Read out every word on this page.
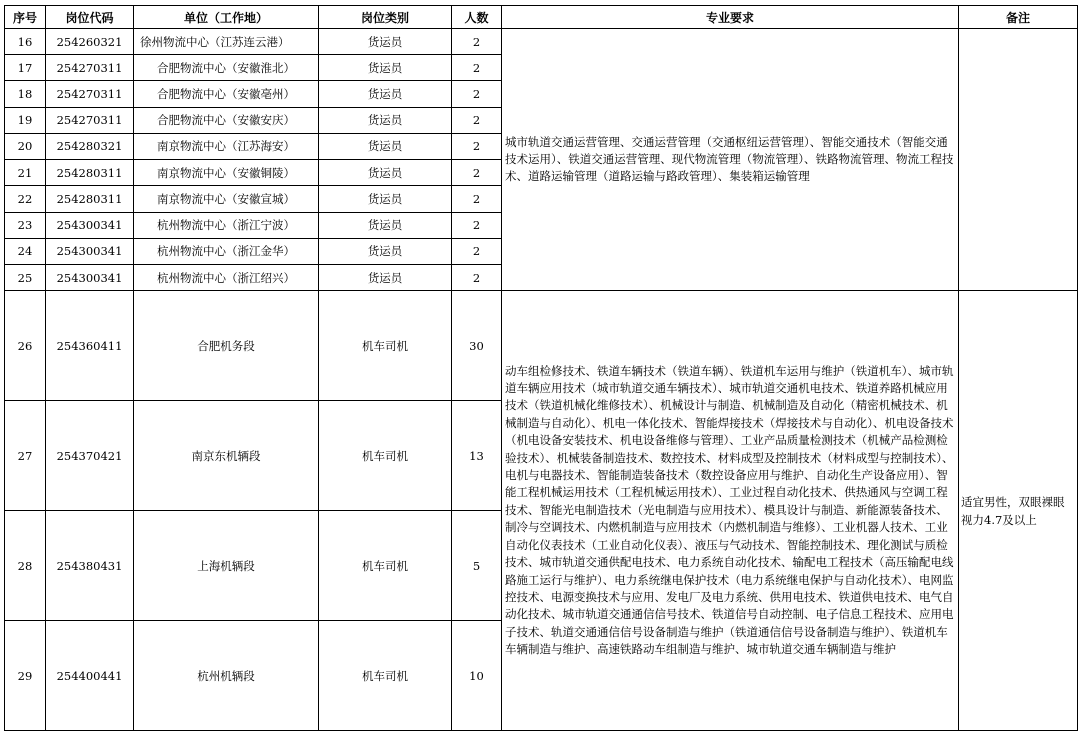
序号	岗位代码	单位（工作地）	岗位类别	人数	专业要求	备注
16	254260321	徐州物流中心（江苏连云港）	货运员	2	城市轨道交通运营管理、交通运营管理（交通枢纽运营管理）、智能交通技术（智能交通技术运用）、铁道交通运营管理、现代物流管理（物流管理）、铁路物流管理、物流工程技术、道路运输管理（道路运输与路政管理）、集装箱运输管理	
17	254270311	合肥物流中心（安徽淮北）	货运员	2		
18	254270311	合肥物流中心（安徽亳州）	货运员	2		
19	254270311	合肥物流中心（安徽安庆）	货运员	2		
20	254280321	南京物流中心（江苏海安）	货运员	2		
21	254280311	南京物流中心（安徽铜陵）	货运员	2		
22	254280311	南京物流中心（安徽宣城）	货运员	2		
23	254300341	杭州物流中心（浙江宁波）	货运员	2		
24	254300341	杭州物流中心（浙江金华）	货运员	2		
25	254300341	杭州物流中心（浙江绍兴）	货运员	2		
26	254360411	合肥机务段	机车司机	30	动车组检修技术、铁道车辆技术（铁道车辆）、铁道机车运用与维护（铁道机车）、城市轨道车辆应用技术（城市轨道交通车辆技术）、城市轨道交通机电技术、铁道养路机械应用技术（铁道机械化维修技术）、机械设计与制造、机械制造及自动化（精密机械技术、机械制造与自动化）、机电一体化技术、智能焊接技术（焊接技术与自动化）、机电设备技术（机电设备安装技术、机电设备维修与管理）、工业产品质量检测技术（机械产品检测检验技术）、机械装备制造技术、数控技术、材料成型及控制技术（材料成型与控制技术）、电机与电器技术、智能制造装备技术（数控设备应用与维护、自动化生产设备应用）、智能工程机械运用技术（工程机械运用技术）、工业过程自动化技术、供热通风与空调工程技术、智能光电制造技术（光电制造与应用技术）、模具设计与制造、新能源装备技术、制冷与空调技术、内燃机制造与应用技术（内燃机制造与维修）、工业机器人技术、工业自动化仪表技术（工业自动化仪表）、液压与气动技术、智能控制技术、理化测试与质检技术、城市轨道交通供配电技术、电力系统自动化技术、输配电工程技术（高压输配电线路施工运行与维护）、电力系统继电保护技术（电力系统继电保护与自动化技术）、电网监控技术、电源变换技术与应用、发电厂及电力系统、供用电技术、铁道供电技术、电气自动化技术、城市轨道交通通信信号技术、铁道信号自动控制、电子信息工程技术、应用电子技术、轨道交通通信信号设备制造与维护（铁道通信信号设备制造与维护）、铁道机车车辆制造与维护、高速铁路动车组制造与维护、城市轨道交通车辆制造与维护	适宜男性，双眼裸眼视力4.7及以上
27	254370421	南京东机辆段	机车司机	13		
28	254380431	上海机辆段	机车司机	5		
29	254400441	杭州机辆段	机车司机	10		
